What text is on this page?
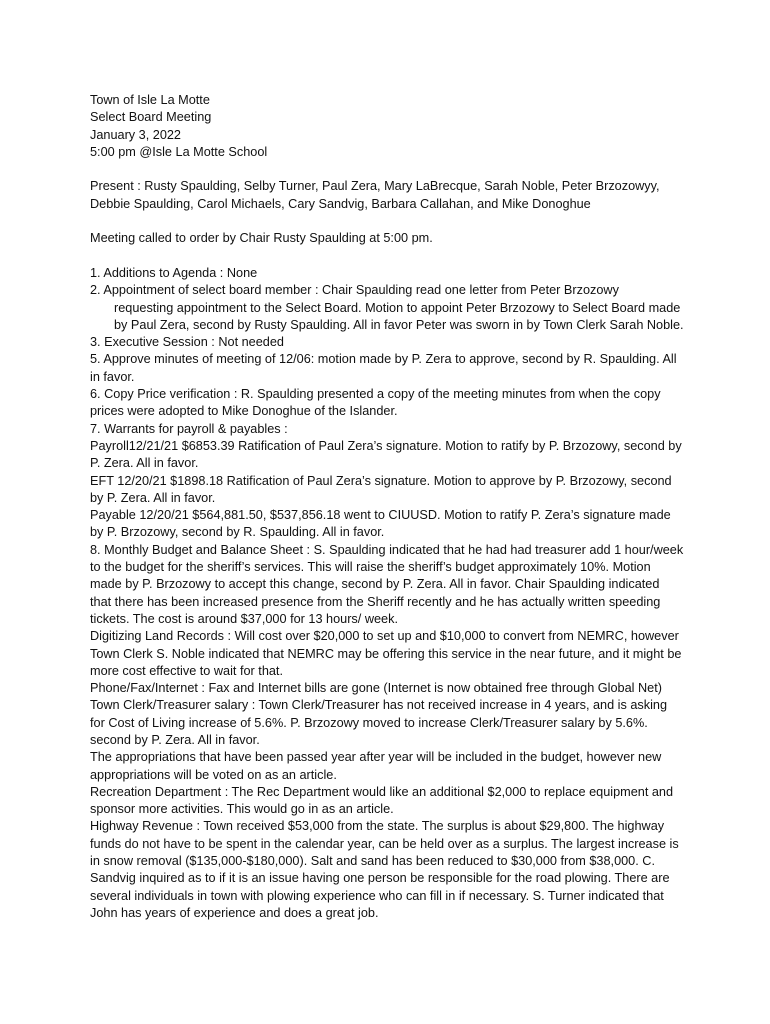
Town of Isle La Motte

Select Board Meeting

January 3, 2022

5:00 pm @Isle La Motte School

Present : Rusty Spaulding, Selby Turner, Paul Zera, Mary LaBrecque, Sarah Noble, Peter Brzozowyy, Debbie Spaulding, Carol Michaels, Cary Sandvig, Barbara Callahan, and Mike Donoghue

Meeting called to order by Chair Rusty Spaulding at 5:00 pm.

1. Additions to Agenda : None

2. Appointment of select board member : Chair Spaulding read one letter from Peter Brzozowy

requesting appointment to the Select Board. Motion to appoint Peter Brzozowy to Select Board made by Paul Zera, second by Rusty Spaulding. All in favor Peter was sworn in by Town Clerk Sarah Noble.

3. Executive Session : Not needed

5. Approve minutes of meeting of 12/06: motion made by P. Zera to approve, second by R. Spaulding. All in favor.

6. Copy Price verification : R. Spaulding presented a copy of the meeting minutes from when the copy prices were adopted to Mike Donoghue of the Islander.

7. Warrants for payroll & payables :

Payroll12/21/21 $6853.39 Ratification of Paul Zera’s signature. Motion to ratify by P. Brzozowy, second by P. Zera. All in favor.

EFT 12/20/21 $1898.18 Ratification of Paul Zera’s signature. Motion to approve by P. Brzozowy, second by P. Zera. All in favor.

Payable 12/20/21 $564,881.50, $537,856.18 went to CIUUSD. Motion to ratify P. Zera’s signature made by P. Brzozowy, second by R. Spaulding. All in favor.

8. Monthly Budget and Balance Sheet : S. Spaulding indicated that he had had treasurer add 1 hour/week to the budget for the sheriff’s services. This will raise the sheriff’s budget approximately 10%. Motion made by P. Brzozowy to accept this change, second by P. Zera. All in favor. Chair Spaulding indicated that there has been increased presence from the Sheriff recently and he has actually written speeding tickets. The cost is around $37,000 for 13 hours/ week.

Digitizing Land Records : Will cost over $20,000 to set up and $10,000 to convert from NEMRC, however Town Clerk S. Noble indicated that NEMRC may be offering this service in the near future, and it might be more cost effective to wait for that.

Phone/Fax/Internet : Fax and Internet bills are gone (Internet is now obtained free through Global Net)

Town Clerk/Treasurer salary : Town Clerk/Treasurer has not received increase in 4 years, and is asking for Cost of Living increase of 5.6%. P. Brzozowy moved to increase Clerk/Treasurer salary by 5.6%. second by P. Zera. All in favor.

The appropriations that have been passed year after year will be included in the budget, however new appropriations will be voted on as an article.

Recreation Department : The Rec Department would like an additional $2,000 to replace equipment and sponsor more activities. This would go in as an article.

Highway Revenue : Town received $53,000 from the state. The surplus is about $29,800. The highway funds do not have to be spent in the calendar year, can be held over as a surplus. The largest increase is in snow removal ($135,000-$180,000). Salt and sand has been reduced to $30,000 from $38,000. C. Sandvig inquired as to if it is an issue having one person be responsible for the road plowing. There are several individuals in town with plowing experience who can fill in if necessary. S. Turner indicated that John has years of experience and does a great job.
